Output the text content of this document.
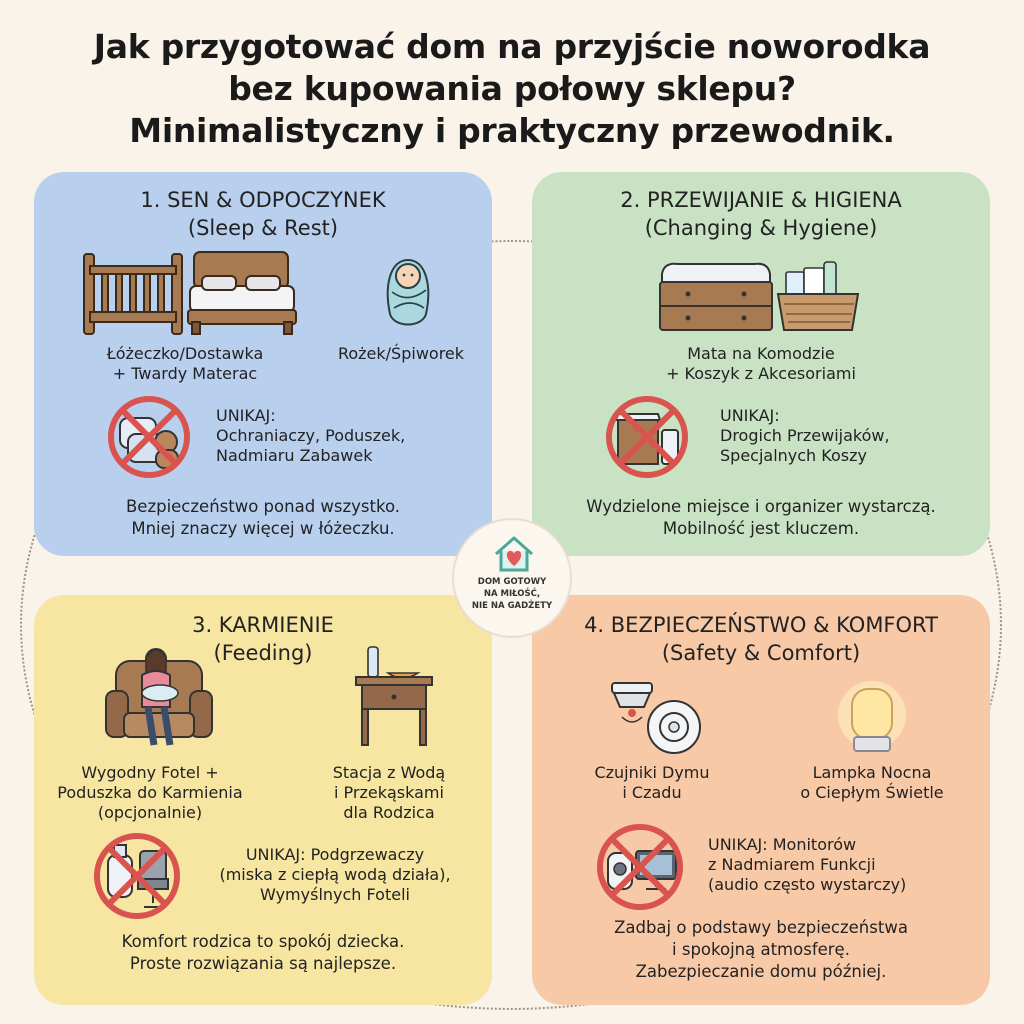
Jak przygotować dom na przyjście noworodka
bez kupowania połowy sklepu?
Minimalistyczny i praktyczny przewodnik.
1. SEN & ODPOCZYNEK
(Sleep & Rest)
Łóżeczko/Dostawka
+ Twardy Materac
Rożek/Śpiworek
UNIKAJ:
Ochraniaczy, Poduszek,
Nadmiaru Zabawek
Bezpieczeństwo ponad wszystko.
Mniej znaczy więcej w łóżeczku.
2. PRZEWIJANIE & HIGIENA
(Changing & Hygiene)
Mata na Komodzie
+ Koszyk z Akcesoriami
UNIKAJ:
Drogich Przewijaków,
Specjalnych Koszy
Wydzielone miejsce i organizer wystarczą.
Mobilność jest kluczem.
3. KARMIENIE
(Feeding)
Wygodny Fotel +
Poduszka do Karmienia
(opcjonalnie)
Stacja z Wodą
i Przekąskami
dla Rodzica
UNIKAJ: Podgrzewaczy
(miska z ciepłą wodą działa),
Wymyślnych Foteli
Komfort rodzica to spokój dziecka.
Proste rozwiązania są najlepsze.
4. BEZPIECZEŃSTWO & KOMFORT
(Safety & Comfort)
Czujniki Dymu
i Czadu
Lampka Nocna
o Ciepłym Świetle
UNIKAJ: Monitorów
z Nadmiarem Funkcji
(audio często wystarczy)
Zadbaj o podstawy bezpieczeństwa
i spokojną atmosferę.
Zabezpieczanie domu później.
DOM GOTOWY
NA MIŁOŚĆ,
NIE NA GADŻETY
